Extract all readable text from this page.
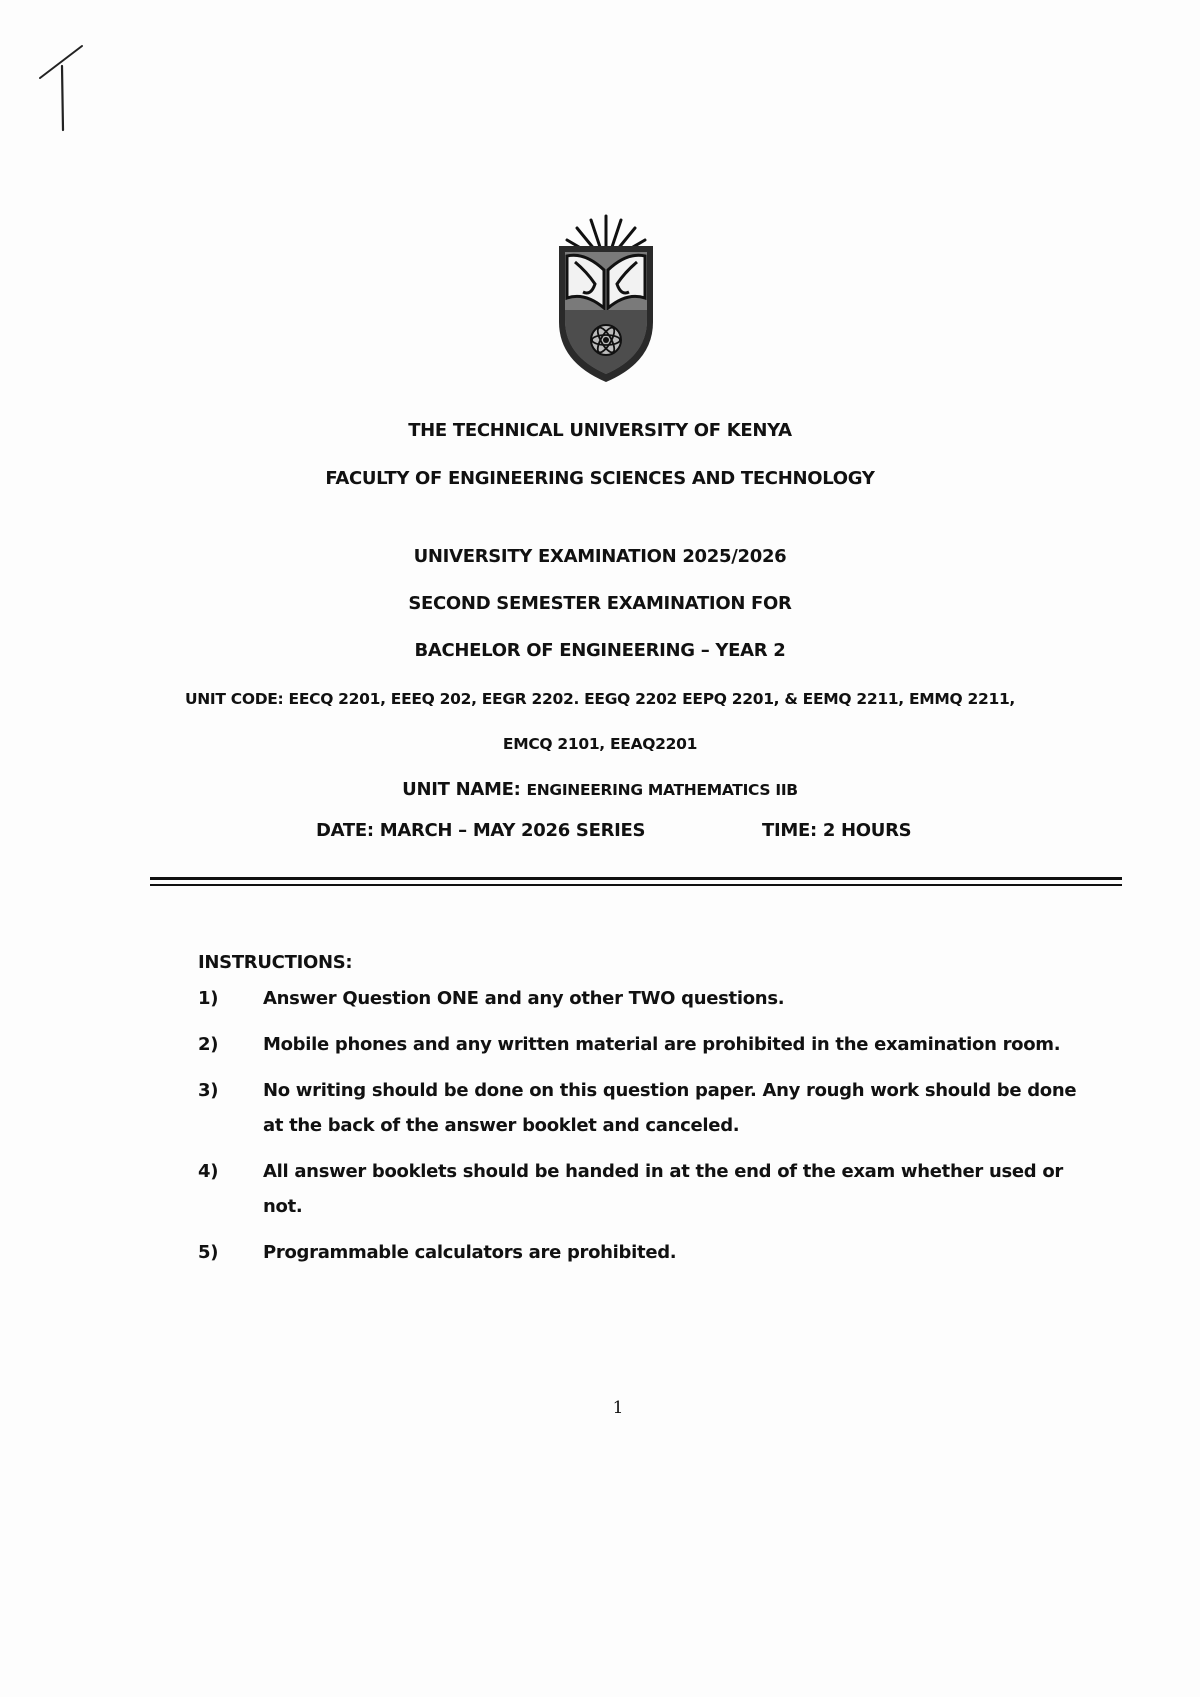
THE TECHNICAL UNIVERSITY OF KENYA
FACULTY OF ENGINEERING SCIENCES AND TECHNOLOGY
UNIVERSITY EXAMINATION 2025/2026
SECOND SEMESTER EXAMINATION FOR
BACHELOR OF ENGINEERING – YEAR 2
UNIT CODE: EECQ 2201, EEEQ 202, EEGR 2202. EEGQ 2202 EEPQ 2201, & EEMQ 2211, EMMQ 2211,
EMCQ 2101, EEAQ2201
UNIT NAME: ENGINEERING MATHEMATICS IIB
DATE: MARCH – MAY 2026 SERIES	TIME: 2 HOURS
INSTRUCTIONS:
1) Answer Question ONE and any other TWO questions.
2) Mobile phones and any written material are prohibited in the examination room.
3) No writing should be done on this question paper. Any rough work should be done at the back of the answer booklet and canceled.
4) All answer booklets should be handed in at the end of the exam whether used or not.
5) Programmable calculators are prohibited.
1
